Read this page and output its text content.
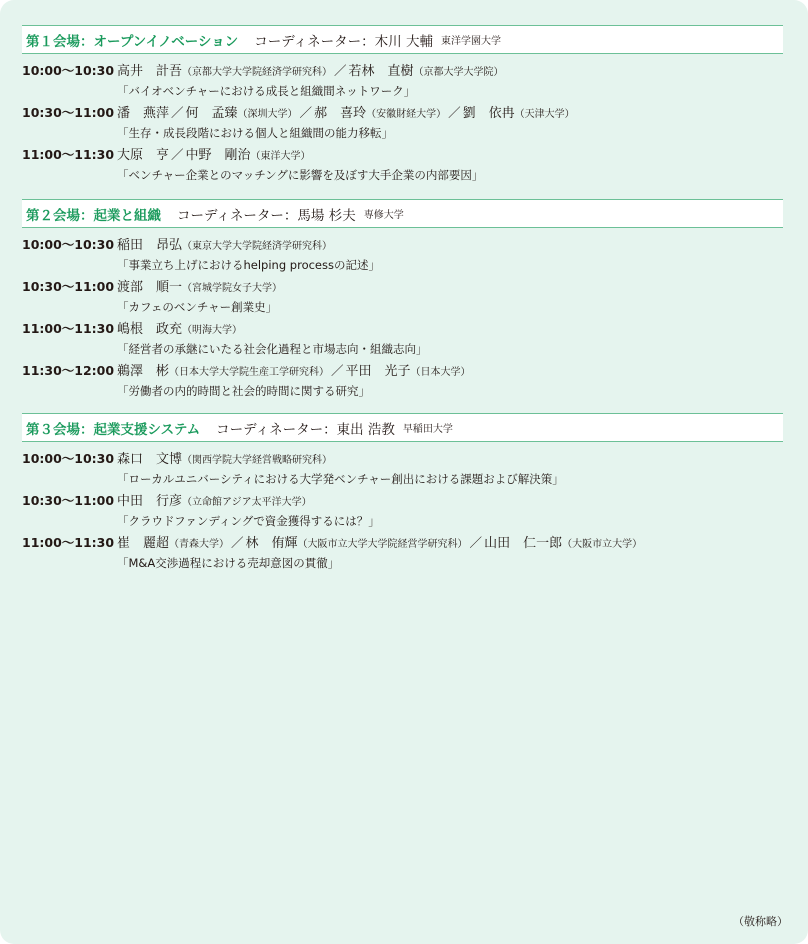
第１会場：オープンイノベーション コーディネーター： 木川 大輔 東洋学園大学
10:00～10:30 高井　計吾 （京都大学大学院経済学研究科） ／ 若林　直樹 （京都大学大学院）
「バイオベンチャーにおける成長と組織間ネットワーク」
10:30～11:00 潘　燕萍 ／ 何　孟臻 （深圳大学） ／ 郝　喜玲 （安徽財経大学） ／ 劉　依冉 （天津大学）
「生存・成長段階における個人と組織間の能力移転」
11:00～11:30 大原　亨 ／ 中野　剛治 （東洋大学）
「ベンチャー企業とのマッチングに影響を及ぼす大手企業の内部要因」
第２会場：起業と組織 コーディネーター： 馬場 杉夫 専修大学
10:00～10:30 稲田　昂弘 （東京大学大学院経済学研究科）
「事業立ち上げにおけるhelping processの記述」
10:30～11:00 渡部　順一 （宮城学院女子大学）
「カフェのベンチャー創業史」
11:00～11:30 嶋根　政充 （明海大学）
「経営者の承継にいたる社会化過程と市場志向・組織志向」
11:30～12:00 鵜澤　彬 （日本大学大学院生産工学研究科） ／ 平田　光子 （日本大学）
「労働者の内的時間と社会的時間に関する研究」
第３会場：起業支援システム コーディネーター： 東出 浩教 早稲田大学
10:00～10:30 森口　文博 （関西学院大学経営戦略研究科）
「ローカルユニバーシティにおける大学発ベンチャー創出における課題および解決策」
10:30～11:00 中田　行彦 （立命館アジア太平洋大学）
「クラウドファンディングで資金獲得するには？」
11:00～11:30 崔　麗超 （青森大学） ／ 林　侑輝 （大阪市立大学大学院経営学研究科） ／ 山田　仁一郎 （大阪市立大学）
「M&A交渉過程における売却意図の貫徹」
（敬称略）
